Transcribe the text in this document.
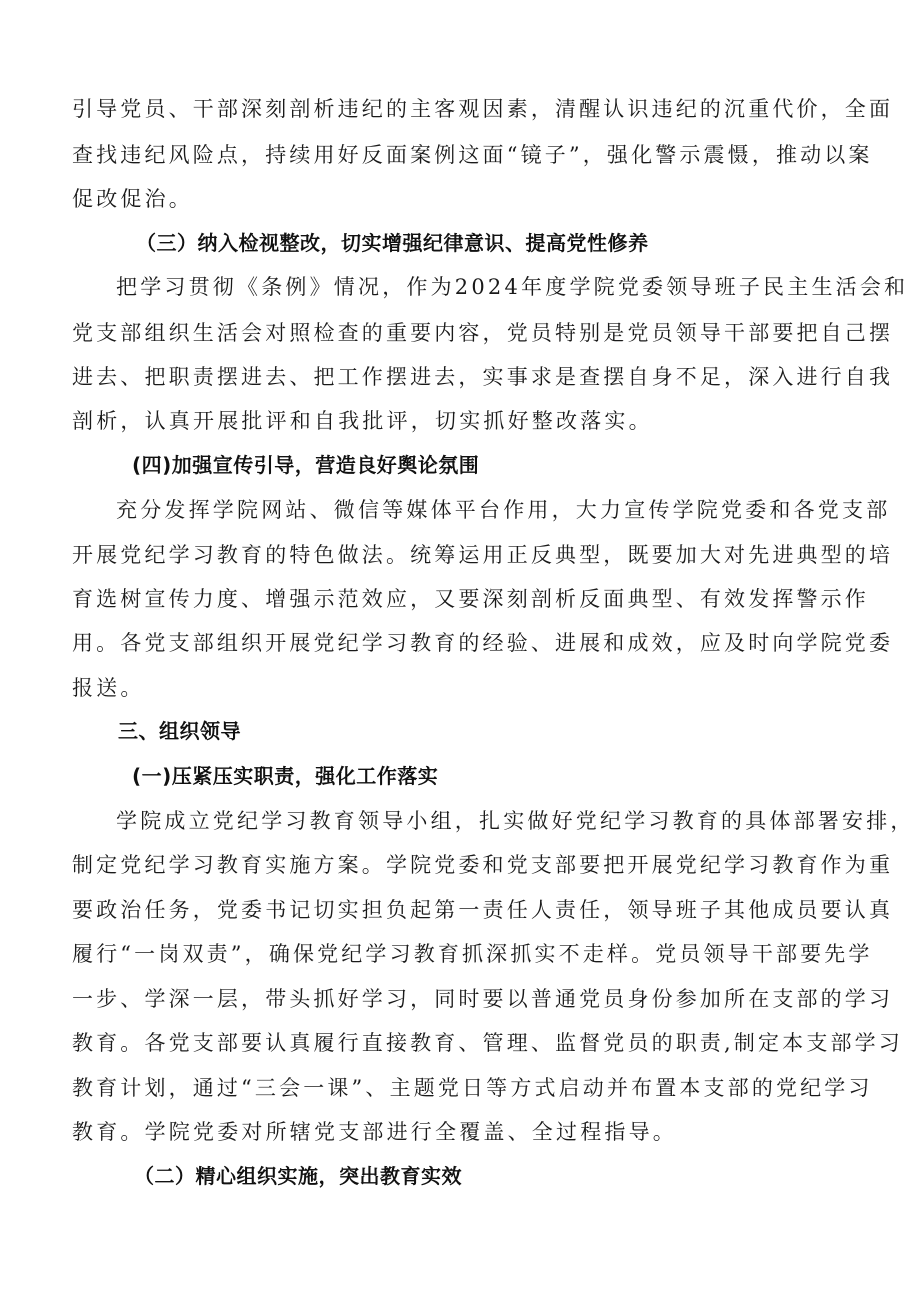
引导党员、干部深刻剖析违纪的主客观因素，清醒认识违纪的沉重代价，全面
查找违纪风险点，持续用好反面案例这面“镜子”，强化警示震慑，推动以案
促改促治。
（三）纳入检视整改，切实增强纪律意识、提高党性修养
把学习贯彻《条例》情况，作为2024年度学院党委领导班子民主生活会和
党支部组织生活会对照检查的重要内容，党员特别是党员领导干部要把自己摆
进去、把职责摆进去、把工作摆进去，实事求是查摆自身不足，深入进行自我
剖析，认真开展批评和自我批评，切实抓好整改落实。
(四)加强宣传引导，营造良好舆论氛围
充分发挥学院网站、微信等媒体平台作用，大力宣传学院党委和各党支部
开展党纪学习教育的特色做法。统筹运用正反典型，既要加大对先进典型的培
育选树宣传力度、增强示范效应，又要深刻剖析反面典型、有效发挥警示作
用。各党支部组织开展党纪学习教育的经验、进展和成效，应及时向学院党委
报送。
三、组织领导
(一)压紧压实职责，强化工作落实
学院成立党纪学习教育领导小组，扎实做好党纪学习教育的具体部署安排，
制定党纪学习教育实施方案。学院党委和党支部要把开展党纪学习教育作为重
要政治任务，党委书记切实担负起第一责任人责任，领导班子其他成员要认真
履行“一岗双责”，确保党纪学习教育抓深抓实不走样。党员领导干部要先学
一步、学深一层，带头抓好学习，同时要以普通党员身份参加所在支部的学习
教育。各党支部要认真履行直接教育、管理、监督党员的职责,制定本支部学习
教育计划，通过“三会一课”、主题党日等方式启动并布置本支部的党纪学习
教育。学院党委对所辖党支部进行全覆盖、全过程指导。
（二）精心组织实施，突出教育实效
